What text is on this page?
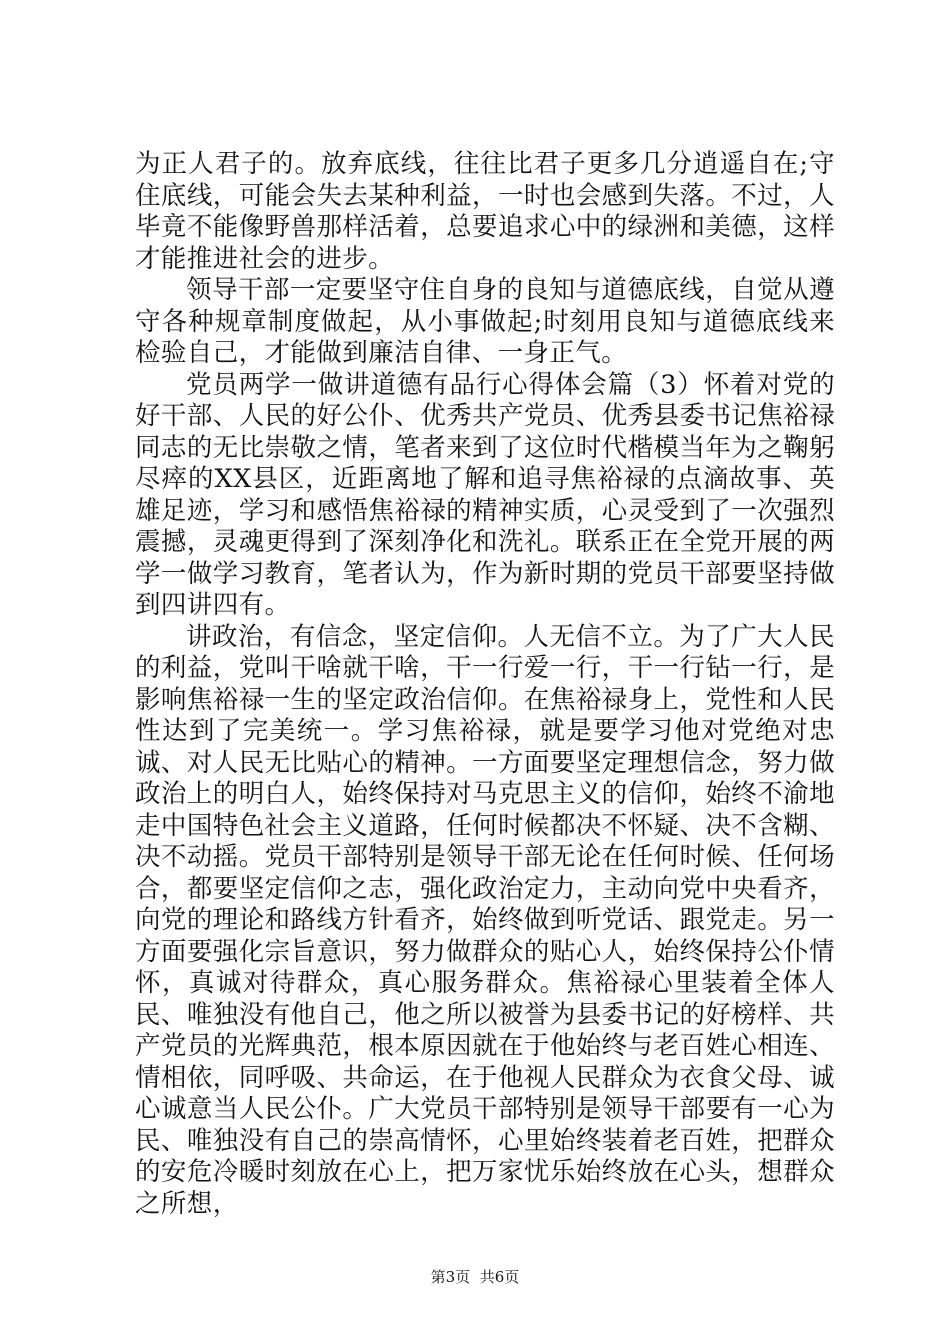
为正人君子的。放弃底线，往往比君子更多几分逍遥自在;守住底线，可能会失去某种利益，一时也会感到失落。不过，人毕竟不能像野兽那样活着，总要追求心中的绿洲和美德，这样才能推进社会的进步。

领导干部一定要坚守住自身的良知与道德底线，自觉从遵守各种规章制度做起，从小事做起;时刻用良知与道德底线来检验自己，才能做到廉洁自律、一身正气。

党员两学一做讲道德有品行心得体会篇（3）怀着对党的好干部、人民的好公仆、优秀共产党员、优秀县委书记焦裕禄同志的无比崇敬之情，笔者来到了这位时代楷模当年为之鞠躬尽瘁的XX县区，近距离地了解和追寻焦裕禄的点滴故事、英雄足迹，学习和感悟焦裕禄的精神实质，心灵受到了一次强烈震撼，灵魂更得到了深刻净化和洗礼。联系正在全党开展的两学一做学习教育，笔者认为，作为新时期的党员干部要坚持做到四讲四有。

讲政治，有信念，坚定信仰。人无信不立。为了广大人民的利益，党叫干啥就干啥，干一行爱一行，干一行钻一行，是影响焦裕禄一生的坚定政治信仰。在焦裕禄身上，党性和人民性达到了完美统一。学习焦裕禄，就是要学习他对党绝对忠诚、对人民无比贴心的精神。一方面要坚定理想信念，努力做政治上的明白人，始终保持对马克思主义的信仰，始终不渝地走中国特色社会主义道路，任何时候都决不怀疑、决不含糊、决不动摇。党员干部特别是领导干部无论在任何时候、任何场合，都要坚定信仰之志，强化政治定力，主动向党中央看齐，向党的理论和路线方针看齐，始终做到听党话、跟党走。另一方面要强化宗旨意识，努力做群众的贴心人，始终保持公仆情怀，真诚对待群众，真心服务群众。焦裕禄心里装着全体人民、唯独没有他自己，他之所以被誉为县委书记的好榜样、共产党员的光辉典范，根本原因就在于他始终与老百姓心相连、情相依，同呼吸、共命运，在于他视人民群众为衣食父母、诚心诚意当人民公仆。广大党员干部特别是领导干部要有一心为民、唯独没有自己的崇高情怀，心里始终装着老百姓，把群众的安危冷暖时刻放在心上，把万家忧乐始终放在心头，想群众之所想，

第3页 共6页
